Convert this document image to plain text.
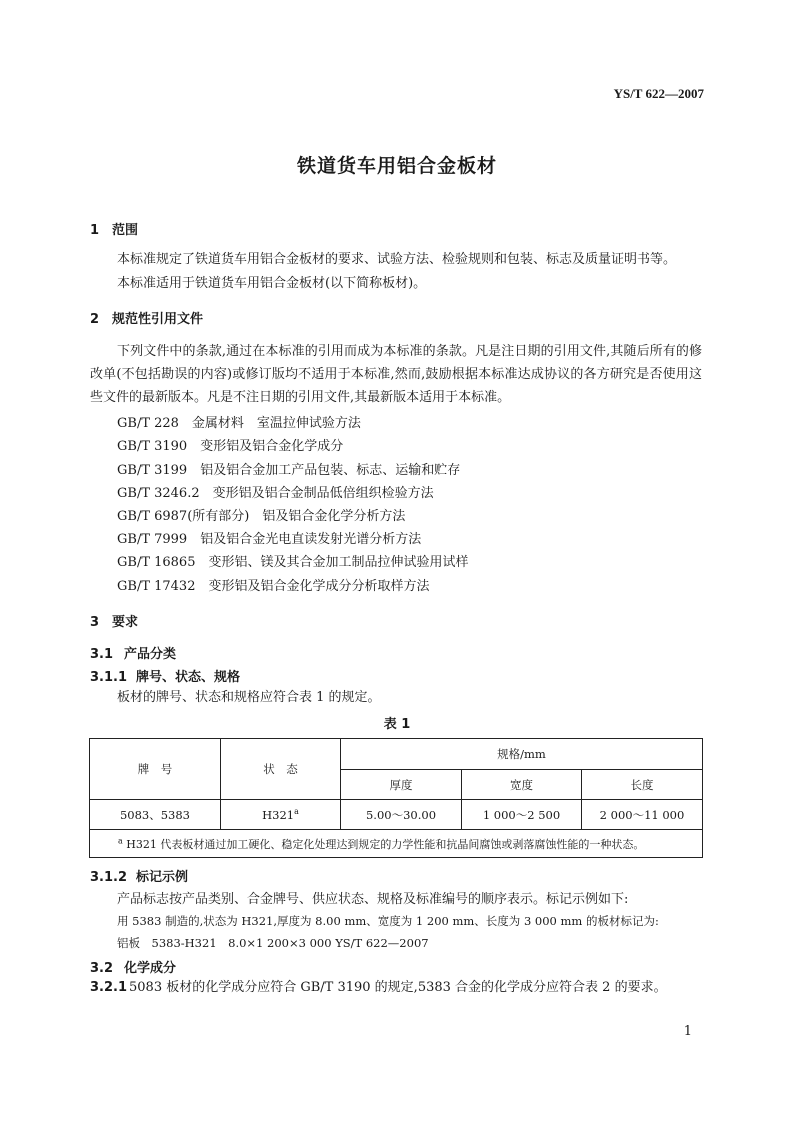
YS/T 622—2007
铁道货车用铝合金板材
1 范围
本标准规定了铁道货车用铝合金板材的要求、试验方法、检验规则和包装、标志及质量证明书等。
本标准适用于铁道货车用铝合金板材(以下简称板材)。
2 规范性引用文件
下列文件中的条款,通过在本标准的引用而成为本标准的条款。凡是注日期的引用文件,其随后所有的修改单(不包括勘误的内容)或修订版均不适用于本标准,然而,鼓励根据本标准达成协议的各方研究是否使用这些文件的最新版本。凡是不注日期的引用文件,其最新版本适用于本标准。
GB/T 228　金属材料　室温拉伸试验方法
GB/T 3190　变形铝及铝合金化学成分
GB/T 3199　铝及铝合金加工产品包装、标志、运输和贮存
GB/T 3246.2　变形铝及铝合金制品低倍组织检验方法
GB/T 6987(所有部分)　铝及铝合金化学分析方法
GB/T 7999　铝及铝合金光电直读发射光谱分析方法
GB/T 16865　变形铝、镁及其合金加工制品拉伸试验用试样
GB/T 17432　变形铝及铝合金化学成分分析取样方法
3 要求
3.1 产品分类
3.1.1 牌号、状态、规格
板材的牌号、状态和规格应符合表 1 的规定。
表 1
牌　号	状　态	规格/mm		
		厚度	宽度	长度
5083、5383	H321$^a$	5.00～30.00	1 000～2 500	2 000～11 000
$^a$ H321 代表板材通过加工硬化、稳定化处理达到规定的力学性能和抗晶间腐蚀或剥落腐蚀性能的一种状态。				
3.1.2 标记示例
产品标志按产品类别、合金牌号、供应状态、规格及标准编号的顺序表示。标记示例如下:
用 5383 制造的,状态为 H321,厚度为 8.00 mm、宽度为 1 200 mm、长度为 3 000 mm 的板材标记为:
铝板　5383-H321　8.0×1 200×3 000 YS/T 622—2007
3.2 化学成分
3.2.1 5083 板材的化学成分应符合 GB/T 3190 的规定,5383 合金的化学成分应符合表 2 的要求。
1
